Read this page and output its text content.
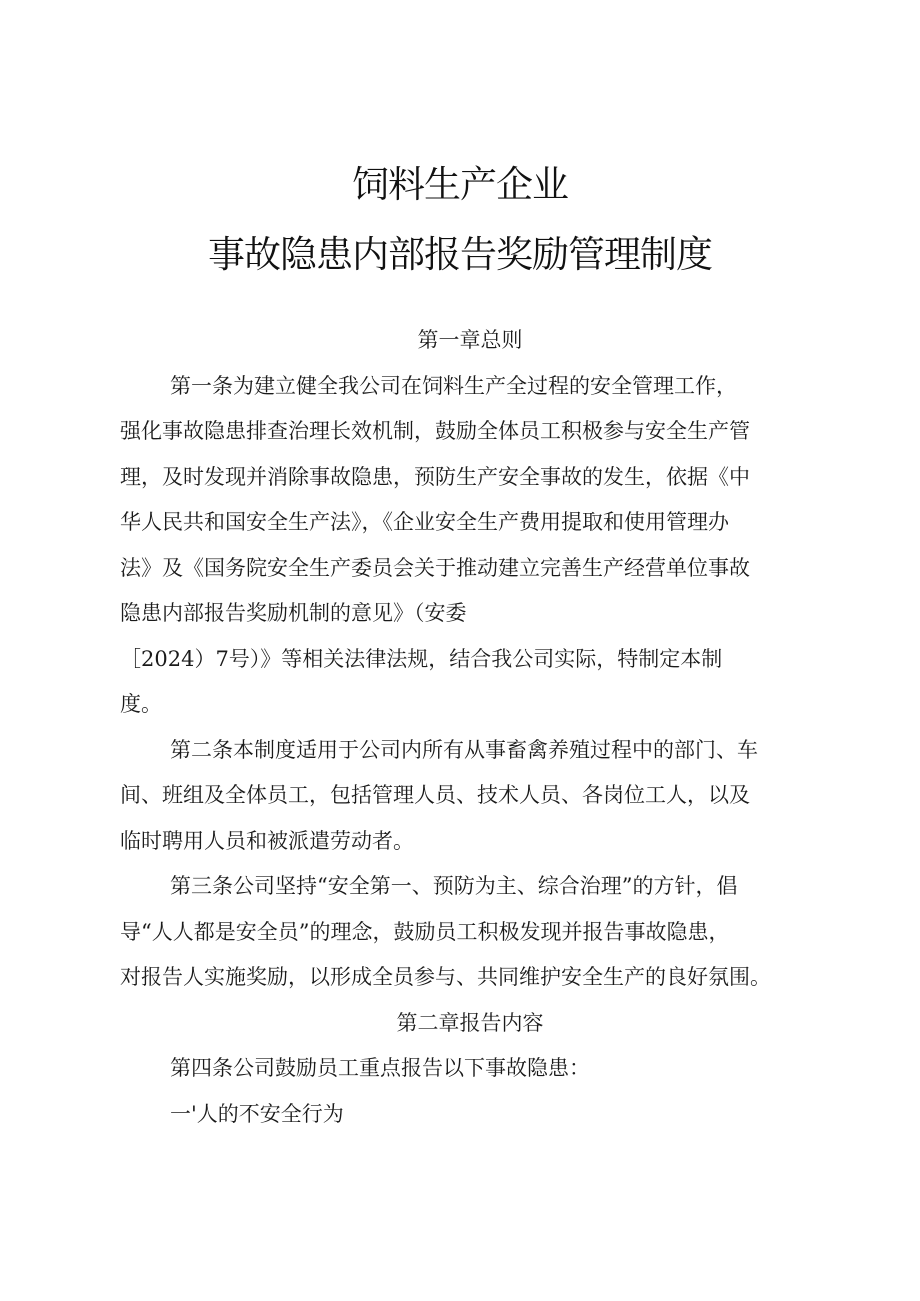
饲料生产企业
事故隐患内部报告奖励管理制度
第一章总则
第一条为建立健全我公司在饲料生产全过程的安全管理工作，
强化事故隐患排查治理长效机制，鼓励全体员工积极参与安全生产管
理，及时发现并消除事故隐患，预防生产安全事故的发生，依据《中
华人民共和国安全生产法》，《企业安全生产费用提取和使用管理办
法》及《国务院安全生产委员会关于推动建立完善生产经营单位事故
隐患内部报告奖励机制的意见》（安委
［2024）7号）》等相关法律法规，结合我公司实际，特制定本制
度。
第二条本制度适用于公司内所有从事畜禽养殖过程中的部门、车
间、班组及全体员工，包括管理人员、技术人员、各岗位工人，以及
临时聘用人员和被派遣劳动者。
第三条公司坚持“安全第一、预防为主、综合治理”的方针，倡
导“人人都是安全员”的理念，鼓励员工积极发现并报告事故隐患，
对报告人实施奖励，以形成全员参与、共同维护安全生产的良好氛围。
第二章报告内容
第四条公司鼓励员工重点报告以下事故隐患：
一'人的不安全行为
